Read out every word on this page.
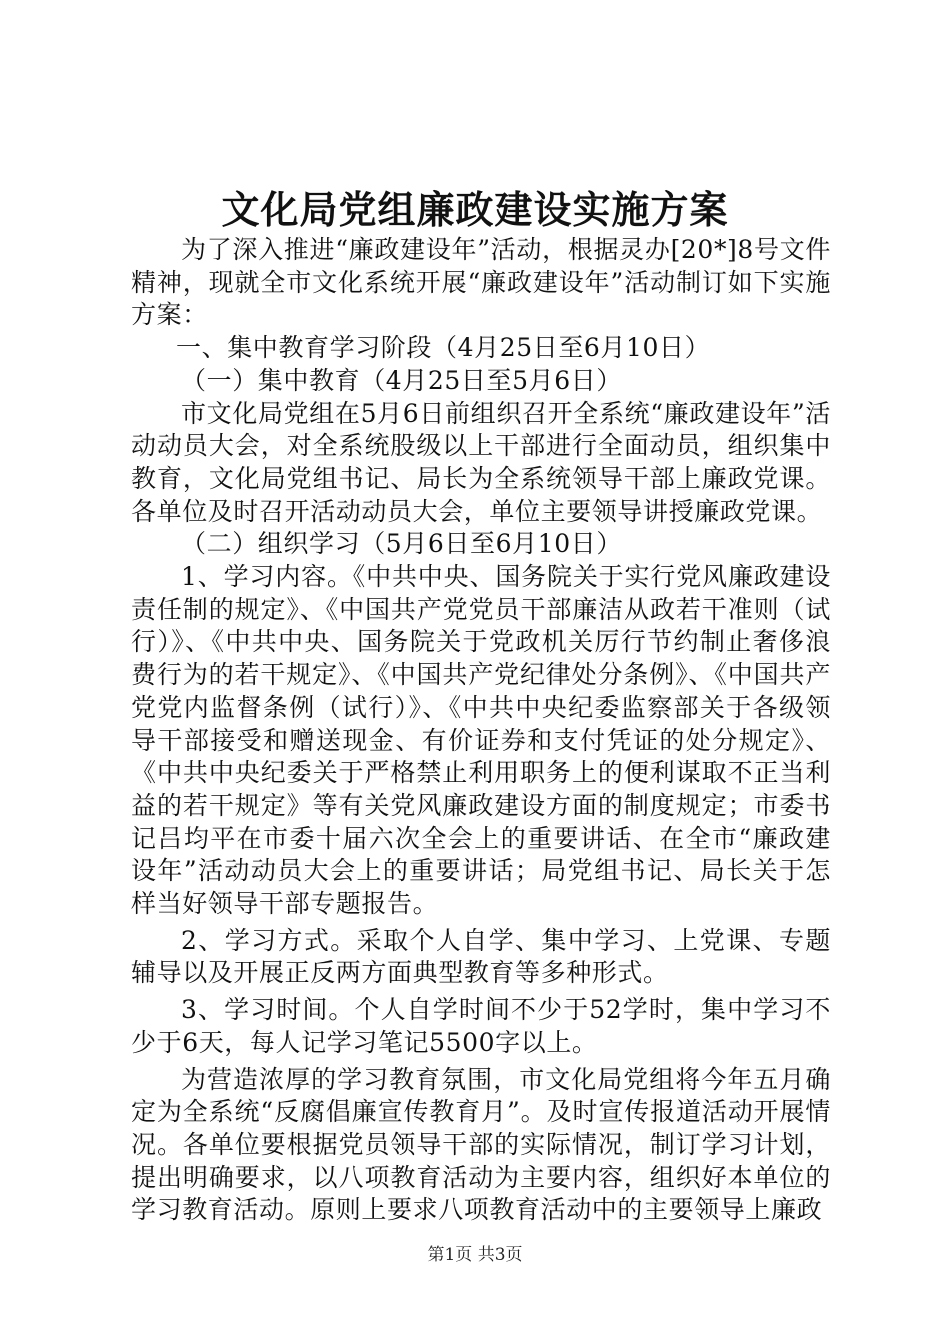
文化局党组廉政建设实施方案

为了深入推进“廉政建设年”活动，根据灵办[20*]8号文件精神，现就全市文化系统开展“廉政建设年”活动制订如下实施方案：

一、集中教育学习阶段（4月25日至6月10日）

（一）集中教育（4月25日至5月6日）

市文化局党组在5月6日前组织召开全系统“廉政建设年”活动动员大会，对全系统股级以上干部进行全面动员，组织集中教育，文化局党组书记、局长为全系统领导干部上廉政党课。各单位及时召开活动动员大会，单位主要领导讲授廉政党课。

（二）组织学习（5月6日至6月10日）

1、学习内容。《中共中央、国务院关于实行党风廉政建设责任制的规定》、《中国共产党党员干部廉洁从政若干准则（试行）》、《中共中央、国务院关于党政机关厉行节约制止奢侈浪费行为的若干规定》、《中国共产党纪律处分条例》、《中国共产党党内监督条例（试行）》、《中共中央纪委监察部关于各级领导干部接受和赠送现金、有价证券和支付凭证的处分规定》、《中共中央纪委关于严格禁止利用职务上的便利谋取不正当利益的若干规定》等有关党风廉政建设方面的制度规定；市委书记吕均平在市委十届六次全会上的重要讲话、在全市“廉政建设年”活动动员大会上的重要讲话；局党组书记、局长关于怎样当好领导干部专题报告。

2、学习方式。采取个人自学、集中学习、上党课、专题辅导以及开展正反两方面典型教育等多种形式。

3、学习时间。个人自学时间不少于52学时，集中学习不少于6天，每人记学习笔记5500字以上。

为营造浓厚的学习教育氛围，市文化局党组将今年五月确定为全系统“反腐倡廉宣传教育月”。及时宣传报道活动开展情况。各单位要根据党员领导干部的实际情况，制订学习计划，提出明确要求，以八项教育活动为主要内容，组织好本单位的学习教育活动。原则上要求八项教育活动中的主要领导上廉政

第1页 共3页
